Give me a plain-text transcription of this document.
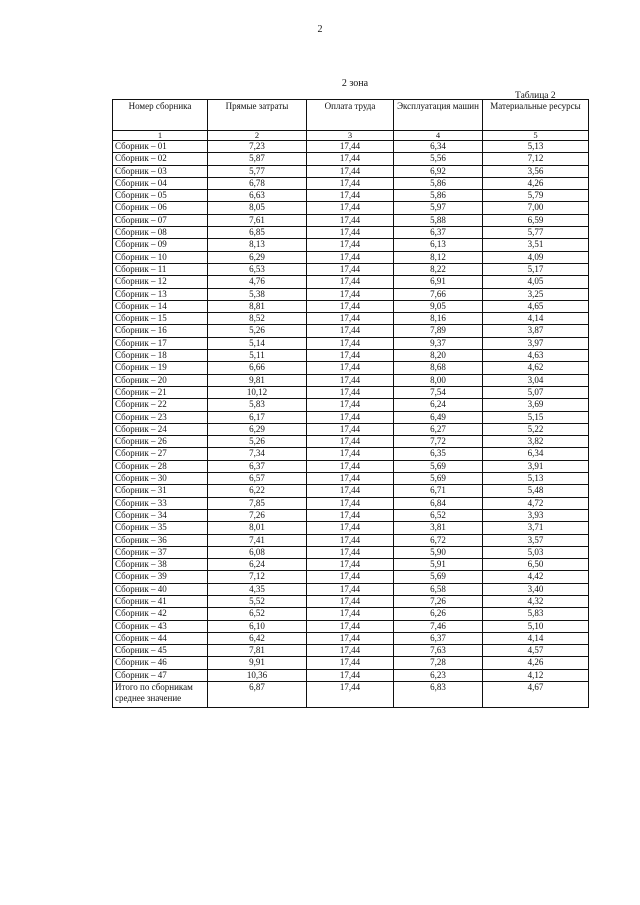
2
2 зона
Таблица 2
Номер сборника	Прямые затраты	Оплата труда	Эксплуатация машин	Материальные ресурсы
1	2	3	4	5
Сборник – 01	7,23	17,44	6,34	5,13
Сборник – 02	5,87	17,44	5,56	7,12
Сборник – 03	5,77	17,44	6,92	3,56
Сборник – 04	6,78	17,44	5,86	4,26
Сборник – 05	6,63	17,44	5,86	5,79
Сборник – 06	8,05	17,44	5,97	7,00
Сборник – 07	7,61	17,44	5,88	6,59
Сборник – 08	6,85	17,44	6,37	5,77
Сборник – 09	8,13	17,44	6,13	3,51
Сборник – 10	6,29	17,44	8,12	4,09
Сборник – 11	6,53	17,44	8,22	5,17
Сборник – 12	4,76	17,44	6,91	4,05
Сборник – 13	5,38	17,44	7,66	3,25
Сборник – 14	8,81	17,44	9,05	4,65
Сборник – 15	8,52	17,44	8,16	4,14
Сборник – 16	5,26	17,44	7,89	3,87
Сборник – 17	5,14	17,44	9,37	3,97
Сборник – 18	5,11	17,44	8,20	4,63
Сборник – 19	6,66	17,44	8,68	4,62
Сборник – 20	9,81	17,44	8,00	3,04
Сборник – 21	10,12	17,44	7,54	5,07
Сборник – 22	5,83	17,44	6,24	3,69
Сборник – 23	6,17	17,44	6,49	5,15
Сборник – 24	6,29	17,44	6,27	5,22
Сборник – 26	5,26	17,44	7,72	3,82
Сборник – 27	7,34	17,44	6,35	6,34
Сборник – 28	6,37	17,44	5,69	3,91
Сборник – 30	6,57	17,44	5,69	5,13
Сборник – 31	6,22	17,44	6,71	5,48
Сборник – 33	7,85	17,44	6,84	4,72
Сборник – 34	7,26	17,44	6,52	3,93
Сборник – 35	8,01	17,44	3,81	3,71
Сборник – 36	7,41	17,44	6,72	3,57
Сборник – 37	6,08	17,44	5,90	5,03
Сборник – 38	6,24	17,44	5,91	6,50
Сборник – 39	7,12	17,44	5,69	4,42
Сборник – 40	4,35	17,44	6,58	3,40
Сборник – 41	5,52	17,44	7,26	4,32
Сборник – 42	6,52	17,44	6,26	5,83
Сборник – 43	6,10	17,44	7,46	5,10
Сборник – 44	6,42	17,44	6,37	4,14
Сборник – 45	7,81	17,44	7,63	4,57
Сборник – 46	9,91	17,44	7,28	4,26
Сборник – 47	10,36	17,44	6,23	4,12
Итого по сборникам среднее значение	6,87	17,44	6,83	4,67
